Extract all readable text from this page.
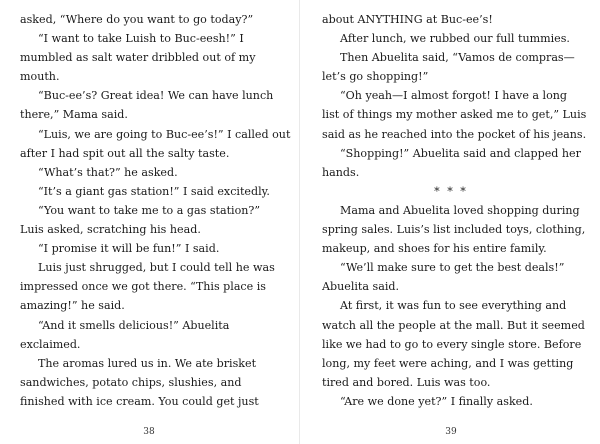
asked, “Where do you want to go today?”
“I want to take Luish to Buc-eesh!” I
mumbled as salt water dribbled out of my
mouth.
“Buc-ee’s? Great idea! We can have lunch
there,” Mama said.
“Luis, we are going to Buc-ee’s!” I called out
after I had spit out all the salty taste.
“What’s that?” he asked.
“It’s a giant gas station!” I said excitedly.
“You want to take me to a gas station?”
Luis asked, scratching his head.
“I promise it will be fun!” I said.
Luis just shrugged, but I could tell he was
impressed once we got there. “This place is
amazing!” he said.
“And it smells delicious!” Abuelita
exclaimed.
The aromas lured us in. We ate brisket
sandwiches, potato chips, slushies, and
finished with ice cream. You could get just
38
about ANYTHING at Buc-ee’s!
After lunch, we rubbed our full tummies.
Then Abuelita said, “Vamos de compras—
let’s go shopping!”
“Oh yeah—I almost forgot! I have a long
list of things my mother asked me to get,” Luis
said as he reached into the pocket of his jeans.
“Shopping!” Abuelita said and clapped her
hands.
* * *
Mama and Abuelita loved shopping during
spring sales. Luis’s list included toys, clothing,
makeup, and shoes for his entire family.
“We’ll make sure to get the best deals!”
Abuelita said.
At first, it was fun to see everything and
watch all the people at the mall. But it seemed
like we had to go to every single store. Before
long, my feet were aching, and I was getting
tired and bored. Luis was too.
“Are we done yet?” I finally asked.
39
